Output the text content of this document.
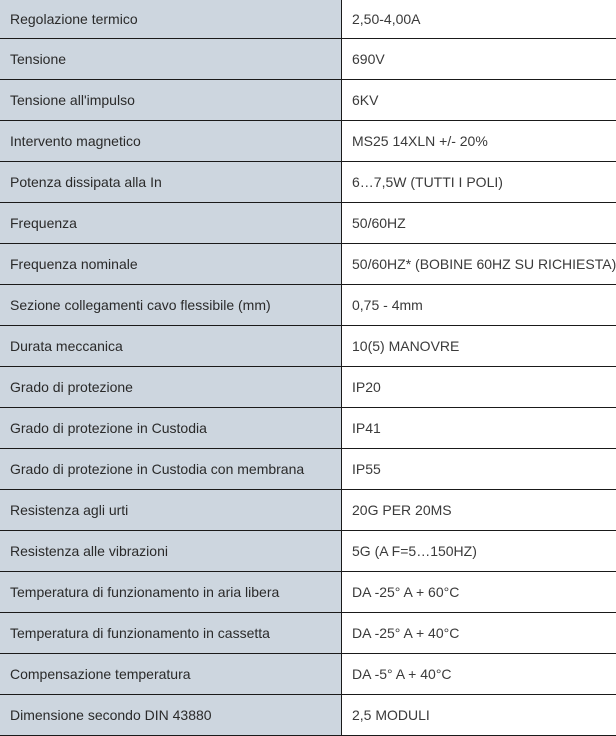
Regolazione termico	2,50-4,00A
Tensione	690V
Tensione all'impulso	6KV
Intervento magnetico	MS25 14XLN +/- 20%
Potenza dissipata alla In	6…7,5W (TUTTI I POLI)
Frequenza	50/60HZ
Frequenza nominale	50/60HZ* (BOBINE 60HZ SU RICHIESTA)
Sezione collegamenti cavo flessibile (mm)	0,75 - 4mm
Durata meccanica	10(5) MANOVRE
Grado di protezione	IP20
Grado di protezione in Custodia	IP41
Grado di protezione in Custodia con membrana	IP55
Resistenza agli urti	20G PER 20MS
Resistenza alle vibrazioni	5G (A F=5…150HZ)
Temperatura di funzionamento in aria libera	DA -25° A + 60°C
Temperatura di funzionamento in cassetta	DA -25° A + 40°C
Compensazione temperatura	DA -5° A + 40°C
Dimensione secondo DIN 43880	2,5 MODULI
